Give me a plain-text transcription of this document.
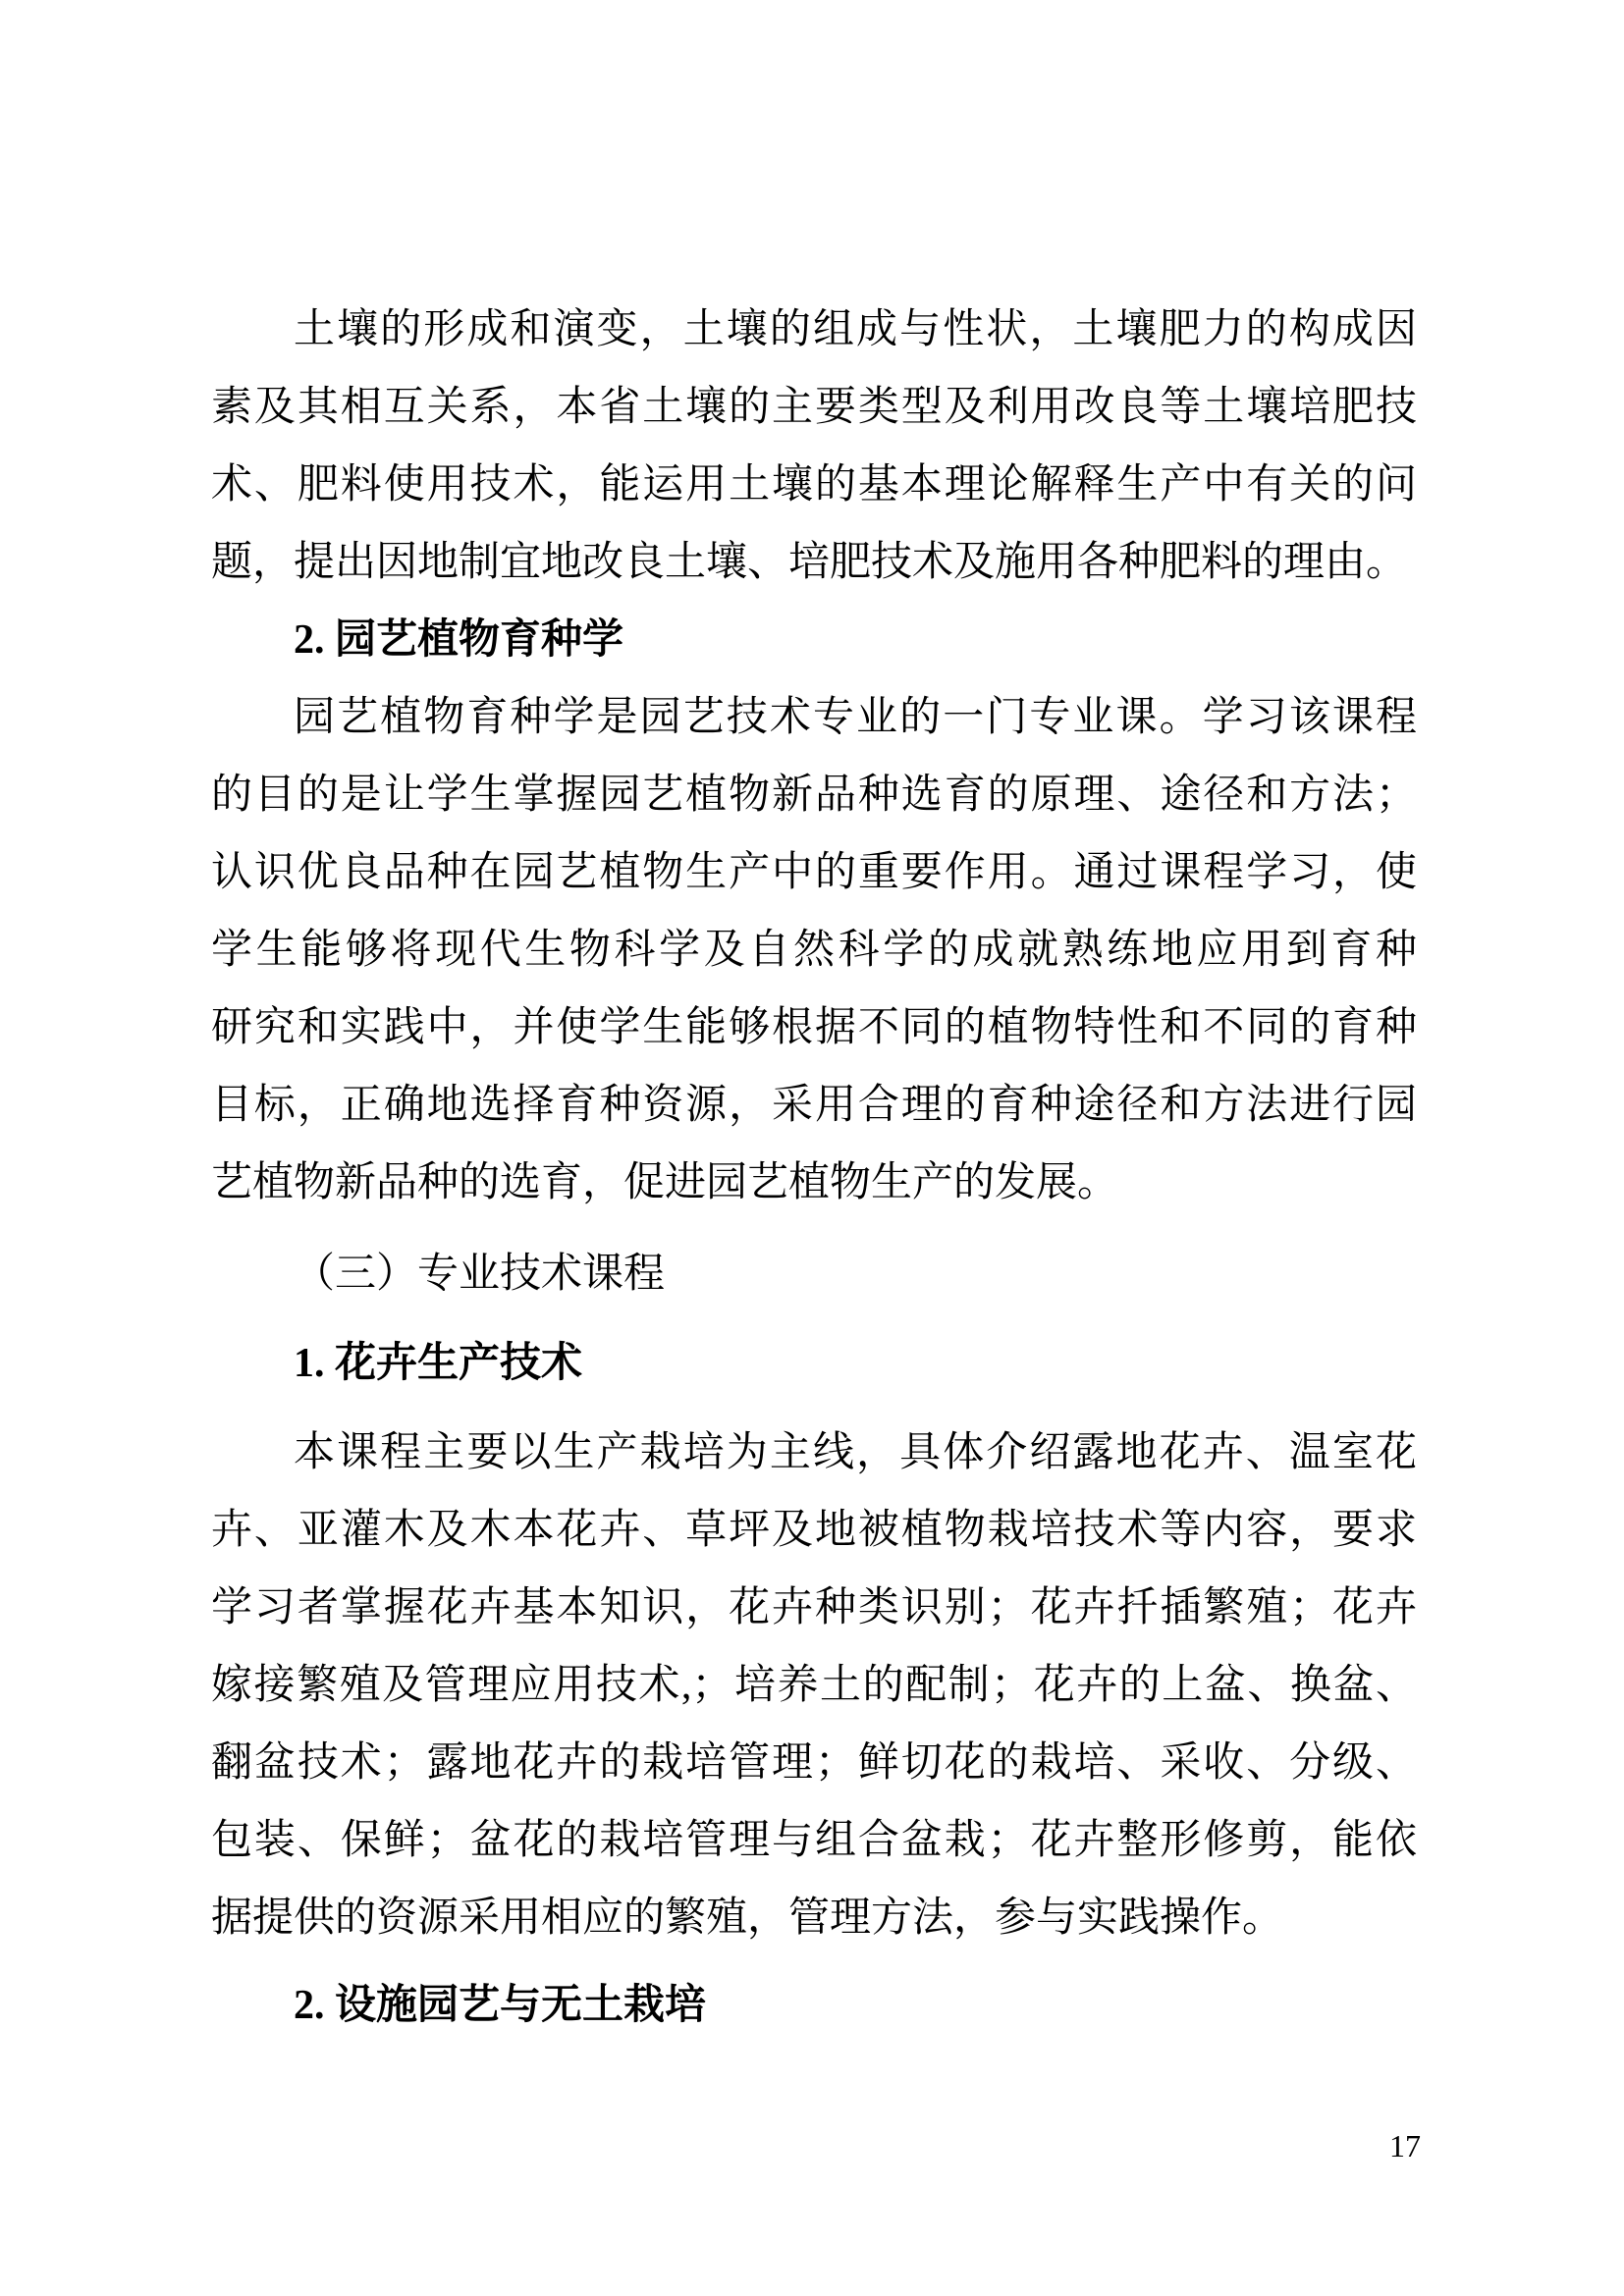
土壤的形成和演变，土壤的组成与性状，土壤肥力的构成因
素及其相互关系，本省土壤的主要类型及利用改良等土壤培肥技
术、肥料使用技术，能运用土壤的基本理论解释生产中有关的问
题，提出因地制宜地改良土壤、培肥技术及施用各种肥料的理由。
2. 园艺植物育种学
园艺植物育种学是园艺技术专业的一门专业课。学习该课程
的目的是让学生掌握园艺植物新品种选育的原理、途径和方法；
认识优良品种在园艺植物生产中的重要作用。通过课程学习，使
学生能够将现代生物科学及自然科学的成就熟练地应用到育种
研究和实践中，并使学生能够根据不同的植物特性和不同的育种
目标，正确地选择育种资源，采用合理的育种途径和方法进行园
艺植物新品种的选育，促进园艺植物生产的发展。
（三）专业技术课程
1. 花卉生产技术
本课程主要以生产栽培为主线，具体介绍露地花卉、温室花
卉、亚灌木及木本花卉、草坪及地被植物栽培技术等内容，要求
学习者掌握花卉基本知识，花卉种类识别；花卉扦插繁殖；花卉
嫁接繁殖及管理应用技术,；培养土的配制；花卉的上盆、换盆、
翻盆技术；露地花卉的栽培管理；鲜切花的栽培、采收、分级、
包装、保鲜；盆花的栽培管理与组合盆栽；花卉整形修剪，能依
据提供的资源采用相应的繁殖，管理方法，参与实践操作。
2. 设施园艺与无土栽培
17
